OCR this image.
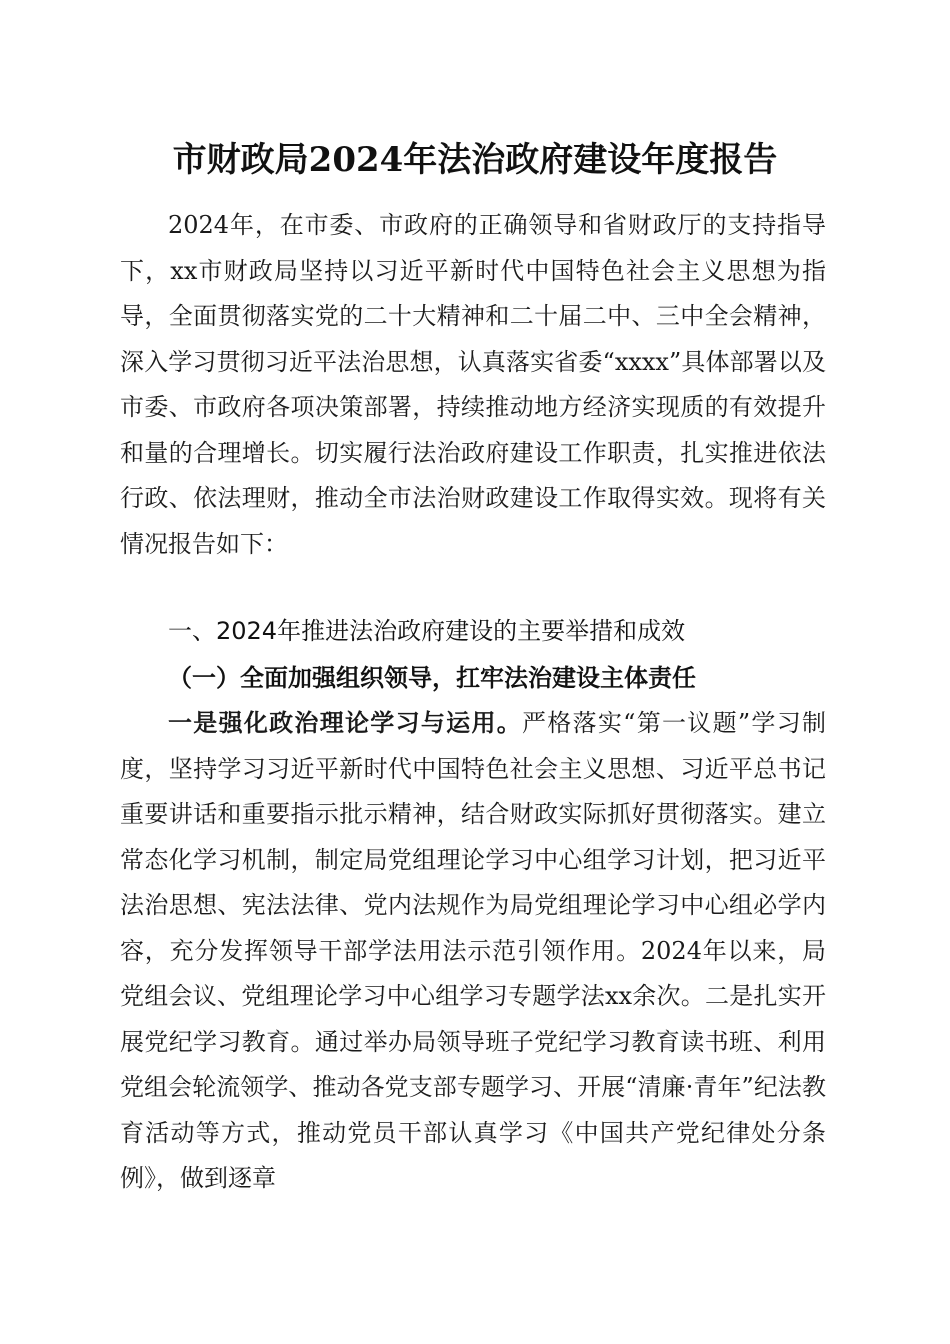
市财政局2024年法治政府建设年度报告

2024年，在市委、市政府的正确领导和省财政厅的支持指导下，xx市财政局坚持以习近平新时代中国特色社会主义思想为指导，全面贯彻落实党的二十大精神和二十届二中、三中全会精神，深入学习贯彻习近平法治思想，认真落实省委“xxxx”具体部署以及市委、市政府各项决策部署，持续推动地方经济实现质的有效提升和量的合理增长。切实履行法治政府建设工作职责，扎实推进依法行政、依法理财，推动全市法治财政建设工作取得实效。现将有关情况报告如下：

一、2024年推进法治政府建设的主要举措和成效

（一）全面加强组织领导，扛牢法治建设主体责任

一是强化政治理论学习与运用。严格落实“第一议题”学习制度，坚持学习习近平新时代中国特色社会主义思想、习近平总书记重要讲话和重要指示批示精神，结合财政实际抓好贯彻落实。建立常态化学习机制，制定局党组理论学习中心组学习计划，把习近平法治思想、宪法法律、党内法规作为局党组理论学习中心组必学内容，充分发挥领导干部学法用法示范引领作用。2024年以来，局党组会议、党组理论学习中心组学习专题学法xx余次。二是扎实开展党纪学习教育。通过举办局领导班子党纪学习教育读书班、利用党组会轮流领学、推动各党支部专题学习、开展“清廉·青年”纪法教育活动等方式，推动党员干部认真学习《中国共产党纪律处分条例》，做到逐章
